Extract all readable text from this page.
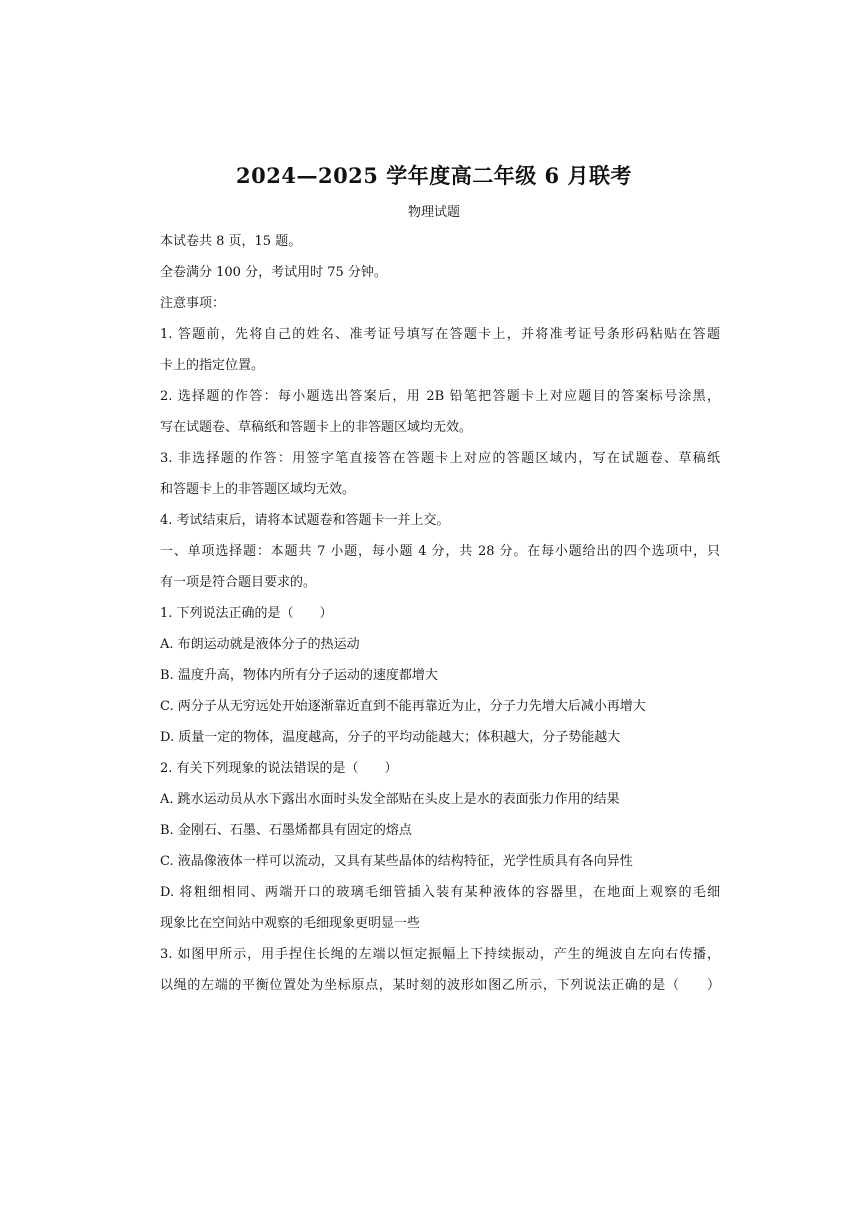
2024—2025 学年度高二年级 6 月联考
物理试题
本试卷共 8 页，15 题。
全卷满分 100 分，考试用时 75 分钟。
注意事项：
1. 答题前，先将自己的姓名、准考证号填写在答题卡上，并将准考证号条形码粘贴在答题
卡上的指定位置。
2. 选择题的作答：每小题选出答案后，用 2B 铅笔把答题卡上对应题目的答案标号涂黑，
写在试题卷、草稿纸和答题卡上的非答题区域均无效。
3. 非选择题的作答：用签字笔直接答在答题卡上对应的答题区域内，写在试题卷、草稿纸
和答题卡上的非答题区域均无效。
4. 考试结束后，请将本试题卷和答题卡一并上交。
一、单项选择题：本题共 7 小题，每小题 4 分，共 28 分。在每小题给出的四个选项中，只
有一项是符合题目要求的。
1. 下列说法正确的是（　　）
A. 布朗运动就是液体分子的热运动
B. 温度升高，物体内所有分子运动的速度都增大
C. 两分子从无穷远处开始逐渐靠近直到不能再靠近为止，分子力先增大后减小再增大
D. 质量一定的物体，温度越高，分子的平均动能越大；体积越大，分子势能越大
2. 有关下列现象的说法错误的是（　　）
A. 跳水运动员从水下露出水面时头发全部贴在头皮上是水的表面张力作用的结果
B. 金刚石、石墨、石墨烯都具有固定的熔点
C. 液晶像液体一样可以流动，又具有某些晶体的结构特征，光学性质具有各向异性
D. 将粗细相同、两端开口的玻璃毛细管插入装有某种液体的容器里，在地面上观察的毛细
现象比在空间站中观察的毛细现象更明显一些
3. 如图甲所示，用手捏住长绳的左端以恒定振幅上下持续振动，产生的绳波自左向右传播，
以绳的左端的平衡位置处为坐标原点，某时刻的波形如图乙所示，下列说法正确的是（　　）
